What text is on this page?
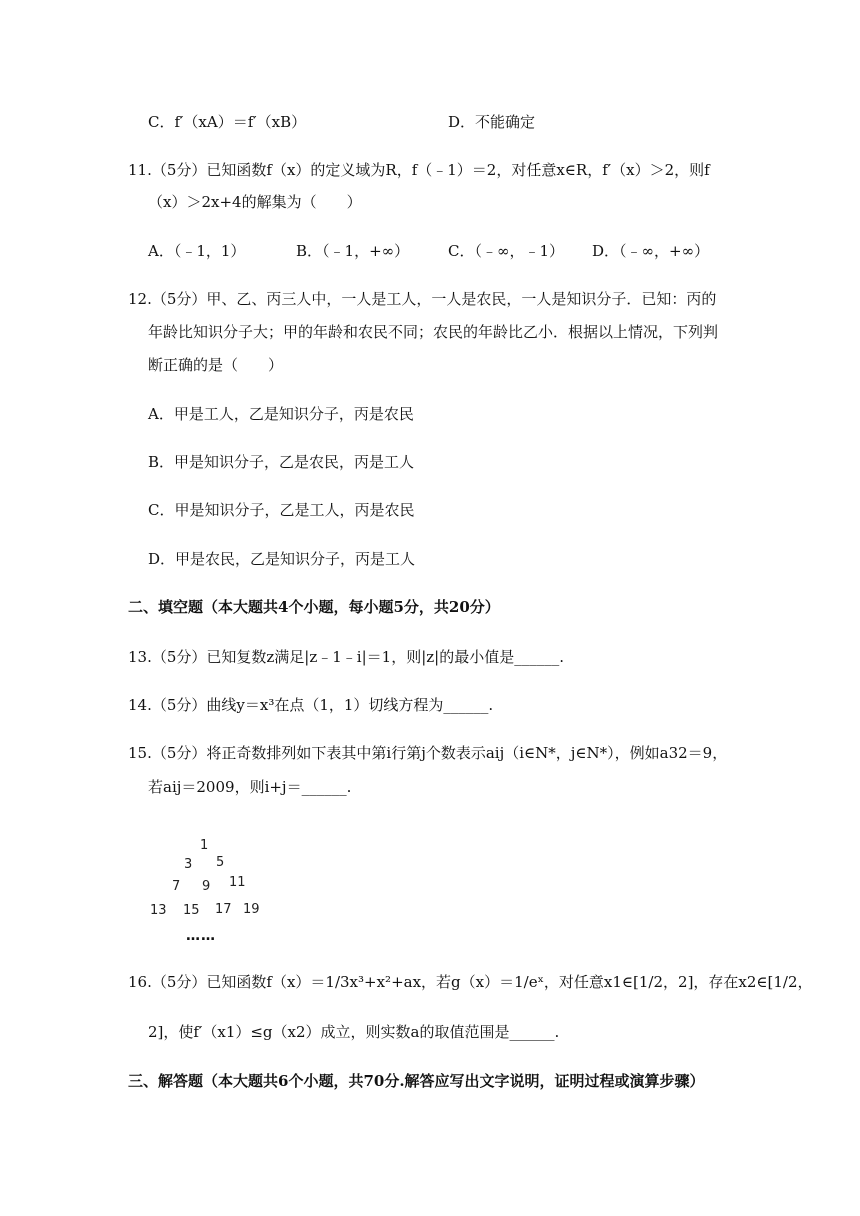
C．f′（xA）＝f′（xB）	D．不能确定
11.（5分）已知函数f（x）的定义域为R，f（﹣1）＝2，对任意x∈R，f′（x）＞2，则f
（x）＞2x+4的解集为（　　）
A．（﹣1，1）	B．（﹣1，+∞）	C．（﹣∞，﹣1） D．（﹣∞，+∞）
12.（5分）甲、乙、丙三人中，一人是工人，一人是农民，一人是知识分子．已知：丙的
年龄比知识分子大；甲的年龄和农民不同；农民的年龄比乙小．根据以上情况，下列判
断正确的是（　　）
A．甲是工人，乙是知识分子，丙是农民
B．甲是知识分子，乙是农民，丙是工人
C．甲是知识分子，乙是工人，丙是农民
D．甲是农民，乙是知识分子，丙是工人
二、填空题（本大题共4个小题，每小题5分，共20分）
13.（5分）已知复数z满足|z﹣1﹣i|＝1，则|z|的最小值是______.
14.（5分）曲线y＝x³在点（1，1）切线方程为______.
15.（5分）将正奇数排列如下表其中第i行第j个数表示aij（i∈N*，j∈N*），例如a32＝9，
若aij＝2009，则i+j＝______.
1
3 5
7 9 11
13 15 17 19
……
16.（5分）已知函数f（x）＝1/3x³+x²+ax，若g（x）＝1/eˣ，对任意x1∈[1/2，2]，存在x2∈[1/2，
2]，使f′（x1）≤g（x2）成立，则实数a的取值范围是______.
三、解答题（本大题共6个小题，共70分.解答应写出文字说明，证明过程或演算步骤）
